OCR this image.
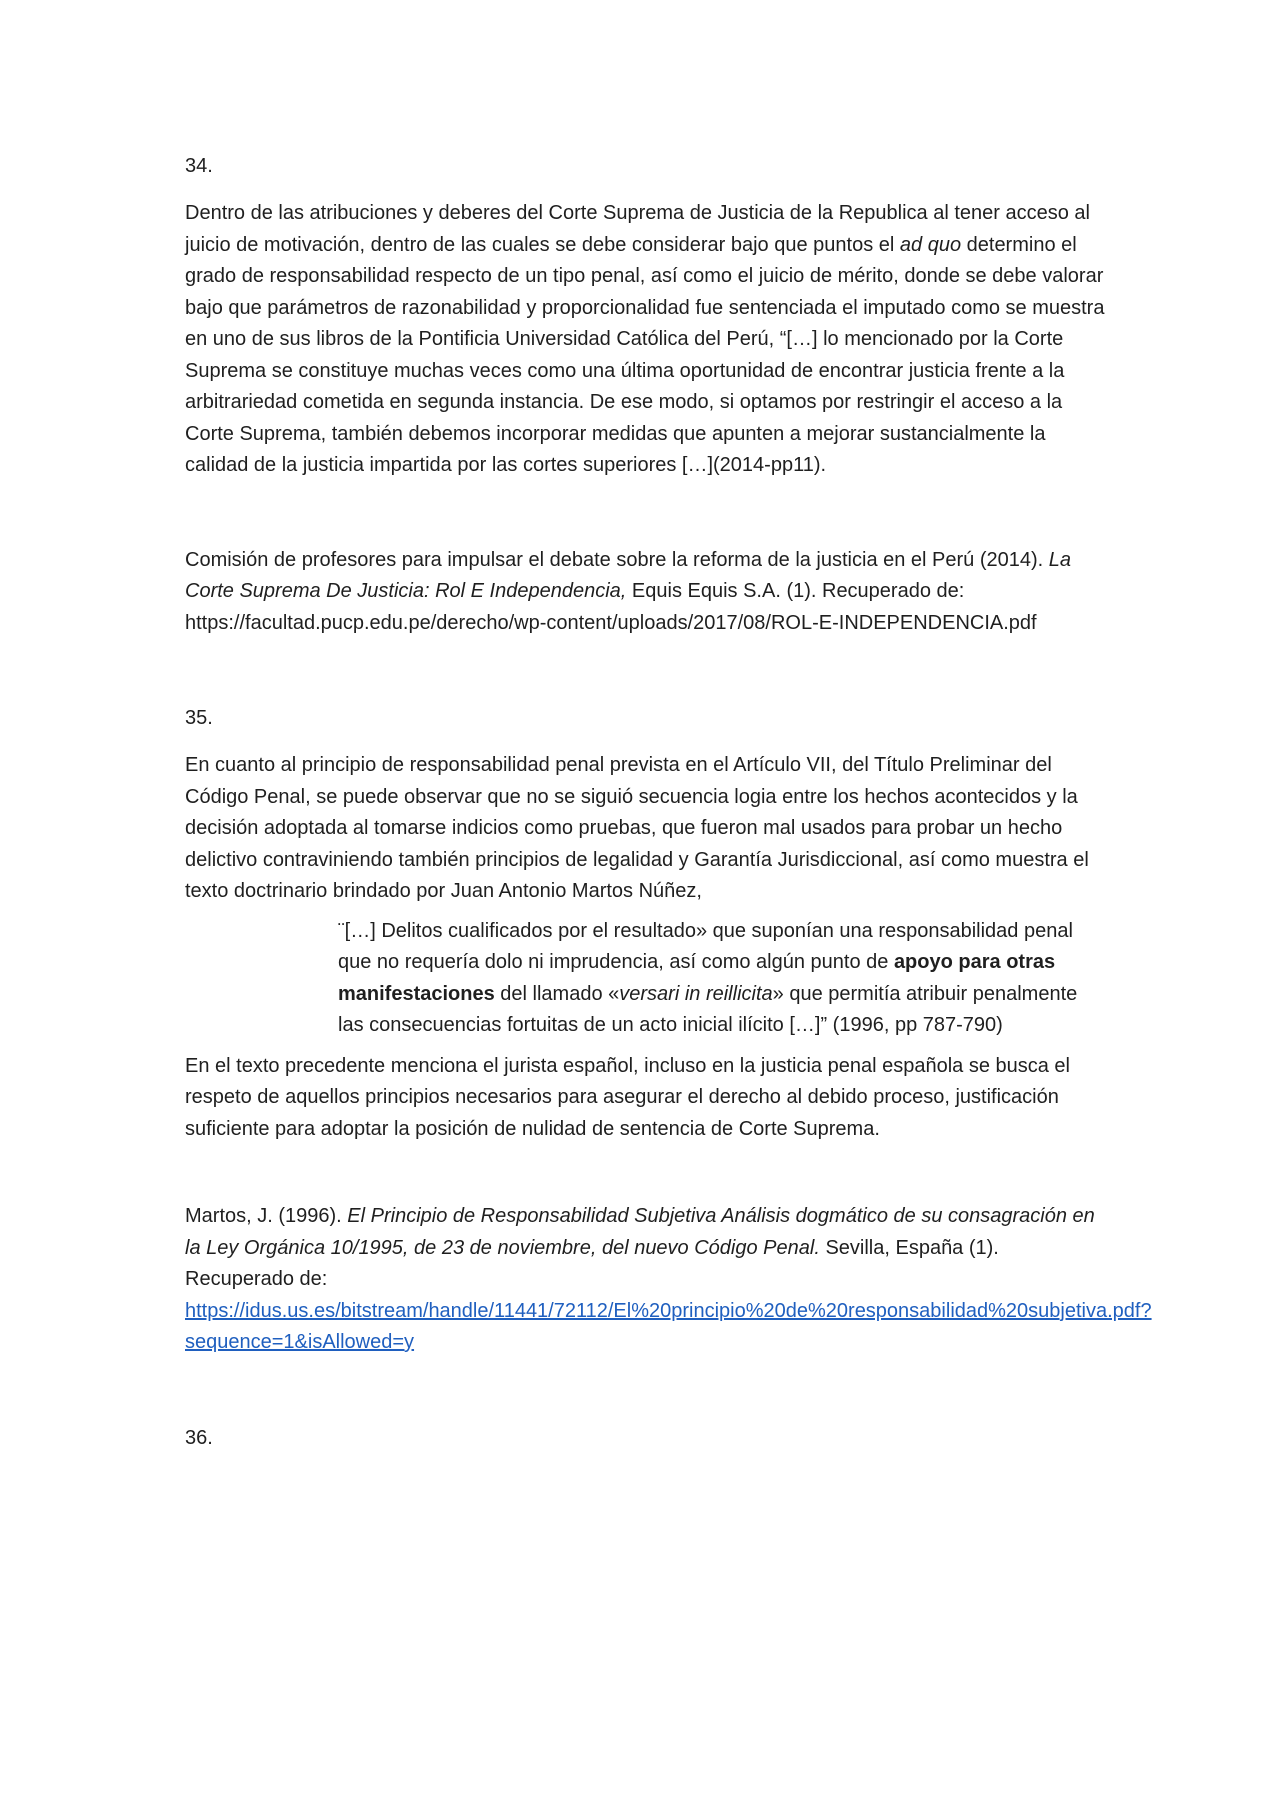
34.

Dentro de las atribuciones y deberes del Corte Suprema de Justicia de la Republica al tener acceso al juicio de motivación, dentro de las cuales se debe considerar bajo que puntos el ad quo determino el grado de responsabilidad respecto de un tipo penal, así como el juicio de mérito, donde se debe valorar bajo que parámetros de razonabilidad y proporcionalidad fue sentenciada el imputado como se muestra en uno de sus libros de la Pontificia Universidad Católica del Perú, “[…] lo mencionado por la Corte Suprema se constituye muchas veces como una última oportunidad de encontrar justicia frente a la arbitrariedad cometida en segunda instancia. De ese modo, si optamos por restringir el acceso a la Corte Suprema, también debemos incorporar medidas que apunten a mejorar sustancialmente la calidad de la justicia impartida por las cortes superiores […](2014-pp11).

Comisión de profesores para impulsar el debate sobre la reforma de la justicia en el Perú (2014). La Corte Suprema De Justicia: Rol E Independencia, Equis Equis S.A. (1). Recuperado de: https://facultad.pucp.edu.pe/derecho/wp-content/uploads/2017/08/ROL-E-INDEPENDENCIA.pdf

35.

En cuanto al principio de responsabilidad penal prevista en el Artículo VII, del Título Preliminar del Código Penal, se puede observar que no se siguió secuencia logia entre los hechos acontecidos y la decisión adoptada al tomarse indicios como pruebas, que fueron mal usados para probar un hecho delictivo contraviniendo también principios de legalidad y Garantía Jurisdiccional, así como muestra el texto doctrinario brindado por Juan Antonio Martos Núñez,

¨[…] Delitos cualificados por el resultado» que suponían una responsabilidad penal que no requería dolo ni imprudencia, así como algún punto de apoyo para otras manifestaciones del llamado «versari in reillicita» que permitía atribuir penalmente las consecuencias fortuitas de un acto inicial ilícito […]” (1996, pp 787-790)

En el texto precedente menciona el jurista español, incluso en la justicia penal española se busca el respeto de aquellos principios necesarios para asegurar el derecho al debido proceso, justificación suficiente para adoptar la posición de nulidad de sentencia de Corte Suprema.

Martos, J. (1996). El Principio de Responsabilidad Subjetiva Análisis dogmático de su consagración en la Ley Orgánica 10/1995, de 23 de noviembre, del nuevo Código Penal. Sevilla, España (1). Recuperado de: https://idus.us.es/bitstream/handle/11441/72112/El%20principio%20de%20responsabilidad%20subjetiva.pdf?sequence=1&isAllowed=y

36.
